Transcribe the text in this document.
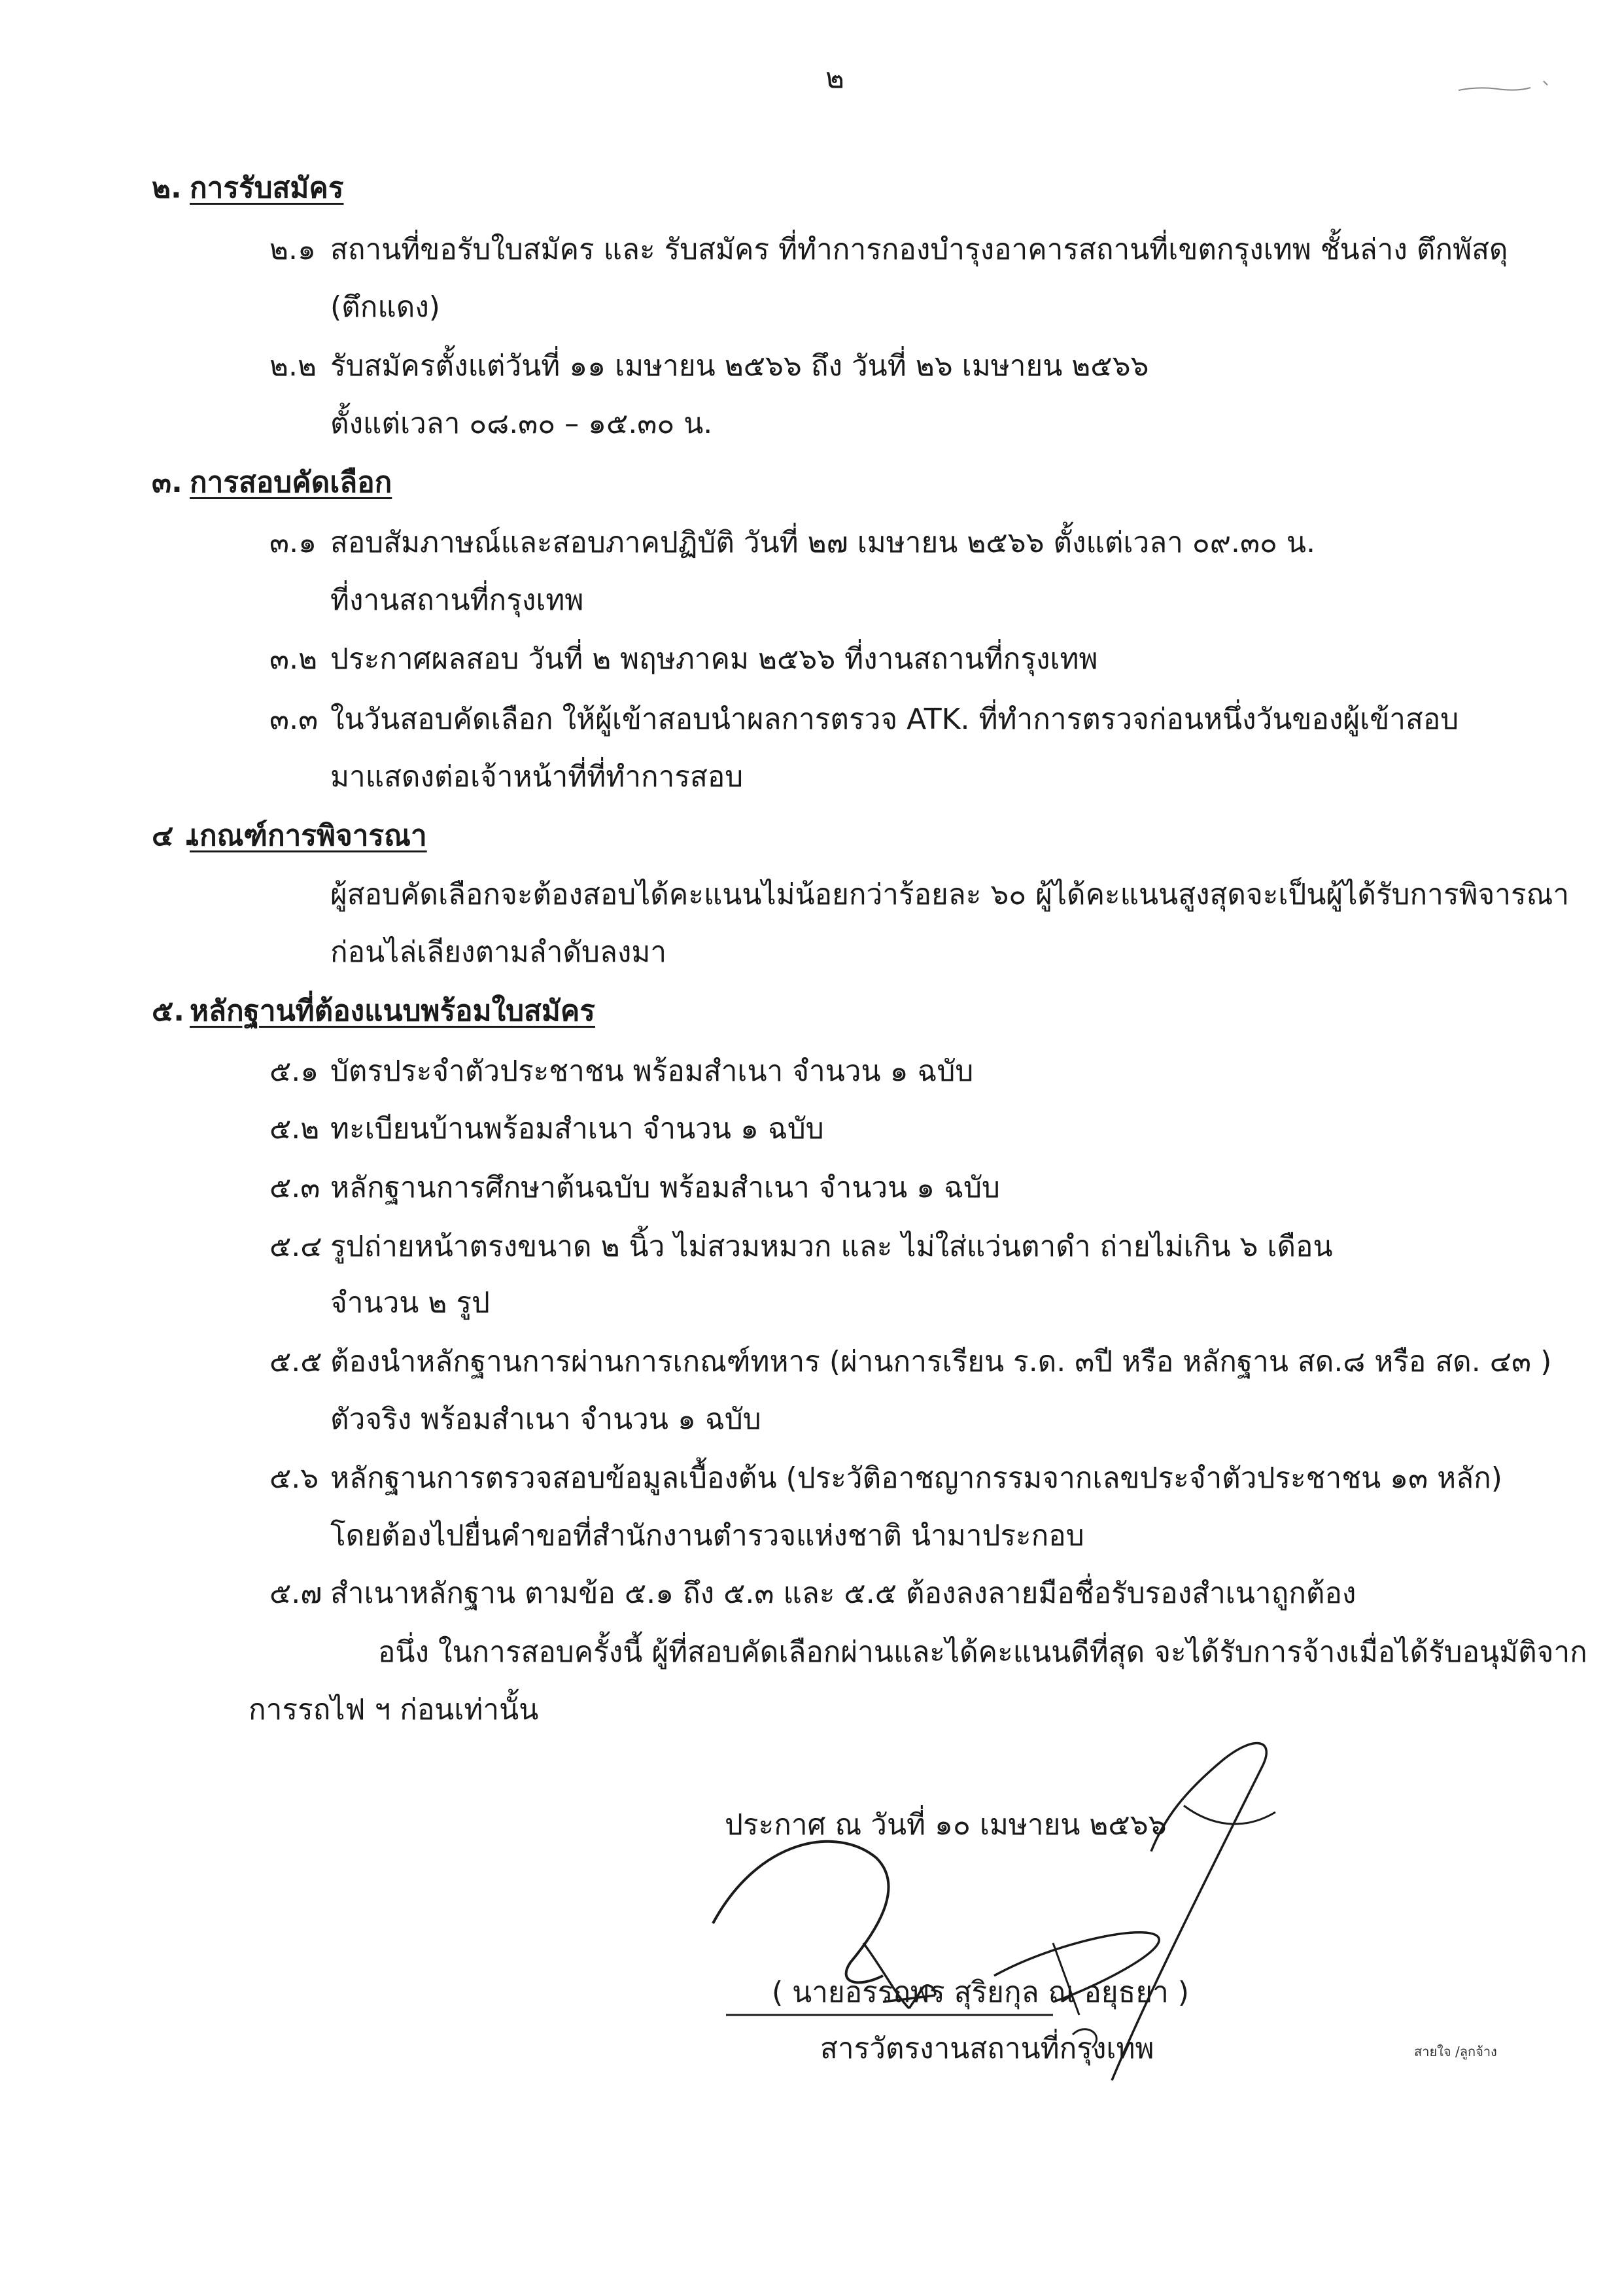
๒
๒. การรับสมัคร
๒.๑ สถานที่ขอรับใบสมัคร และ รับสมัคร ที่ทำการกองบำรุงอาคารสถานที่เขตกรุงเทพ ชั้นล่าง ตึกพัสดุ
(ตึกแดง)
๒.๒ รับสมัครตั้งแต่วันที่ ๑๑ เมษายน ๒๕๖๖ ถึง วันที่ ๒๖ เมษายน ๒๕๖๖
ตั้งแต่เวลา ๐๘.๓๐ – ๑๕.๓๐ น.
๓. การสอบคัดเลือก
๓.๑ สอบสัมภาษณ์และสอบภาคปฏิบัติ วันที่ ๒๗ เมษายน ๒๕๖๖ ตั้งแต่เวลา ๐๙.๓๐ น.
ที่งานสถานที่กรุงเทพ
๓.๒ ประกาศผลสอบ วันที่ ๒ พฤษภาคม ๒๕๖๖ ที่งานสถานที่กรุงเทพ
๓.๓ ในวันสอบคัดเลือก ให้ผู้เข้าสอบนำผลการตรวจ ATK. ที่ทำการตรวจก่อนหนึ่งวันของผู้เข้าสอบ
มาแสดงต่อเจ้าหน้าที่ที่ทำการสอบ
๔ .
เกณฑ์การพิจารณา
ผู้สอบคัดเลือกจะต้องสอบได้คะแนนไม่น้อยกว่าร้อยละ ๖๐ ผู้ได้คะแนนสูงสุดจะเป็นผู้ได้รับการพิจารณา
ก่อนไล่เลียงตามลำดับลงมา
๕. หลักฐานที่ต้องแนบพร้อมใบสมัคร
๕.๑ บัตรประจำตัวประชาชน พร้อมสำเนา จำนวน ๑ ฉบับ
๕.๒ ทะเบียนบ้านพร้อมสำเนา จำนวน ๑ ฉบับ
๕.๓ หลักฐานการศึกษาต้นฉบับ พร้อมสำเนา จำนวน ๑ ฉบับ
๕.๔ รูปถ่ายหน้าตรงขนาด ๒ นิ้ว ไม่สวมหมวก และ ไม่ใส่แว่นตาดำ ถ่ายไม่เกิน ๖ เดือน
จำนวน ๒ รูป
๕.๕ ต้องนำหลักฐานการผ่านการเกณฑ์ทหาร (ผ่านการเรียน ร.ด. ๓ปี หรือ หลักฐาน สด.๘ หรือ สด. ๔๓ )
ตัวจริง พร้อมสำเนา จำนวน ๑ ฉบับ
๕.๖ หลักฐานการตรวจสอบข้อมูลเบื้องต้น (ประวัติอาชญากรรมจากเลขประจำตัวประชาชน ๑๓ หลัก)
โดยต้องไปยื่นคำขอที่สำนักงานตำรวจแห่งชาติ นำมาประกอบ
๕.๗ สำเนาหลักฐาน ตามข้อ ๕.๑ ถึง ๕.๓ และ ๕.๕ ต้องลงลายมือชื่อรับรองสำเนาถูกต้อง
อนึ่ง ในการสอบครั้งนี้ ผู้ที่สอบคัดเลือกผ่านและได้คะแนนดีที่สุด จะได้รับการจ้างเมื่อได้รับอนุมัติจาก
การรถไฟ ฯ ก่อนเท่านั้น
ประกาศ ณ วันที่ ๑๐ เมษายน ๒๕๖๖
( นายอรรถพร สุริยกุล ณ อยุธยา )
สารวัตรงานสถานที่กรุงเทพ	สายใจ /ลูกจ้าง
